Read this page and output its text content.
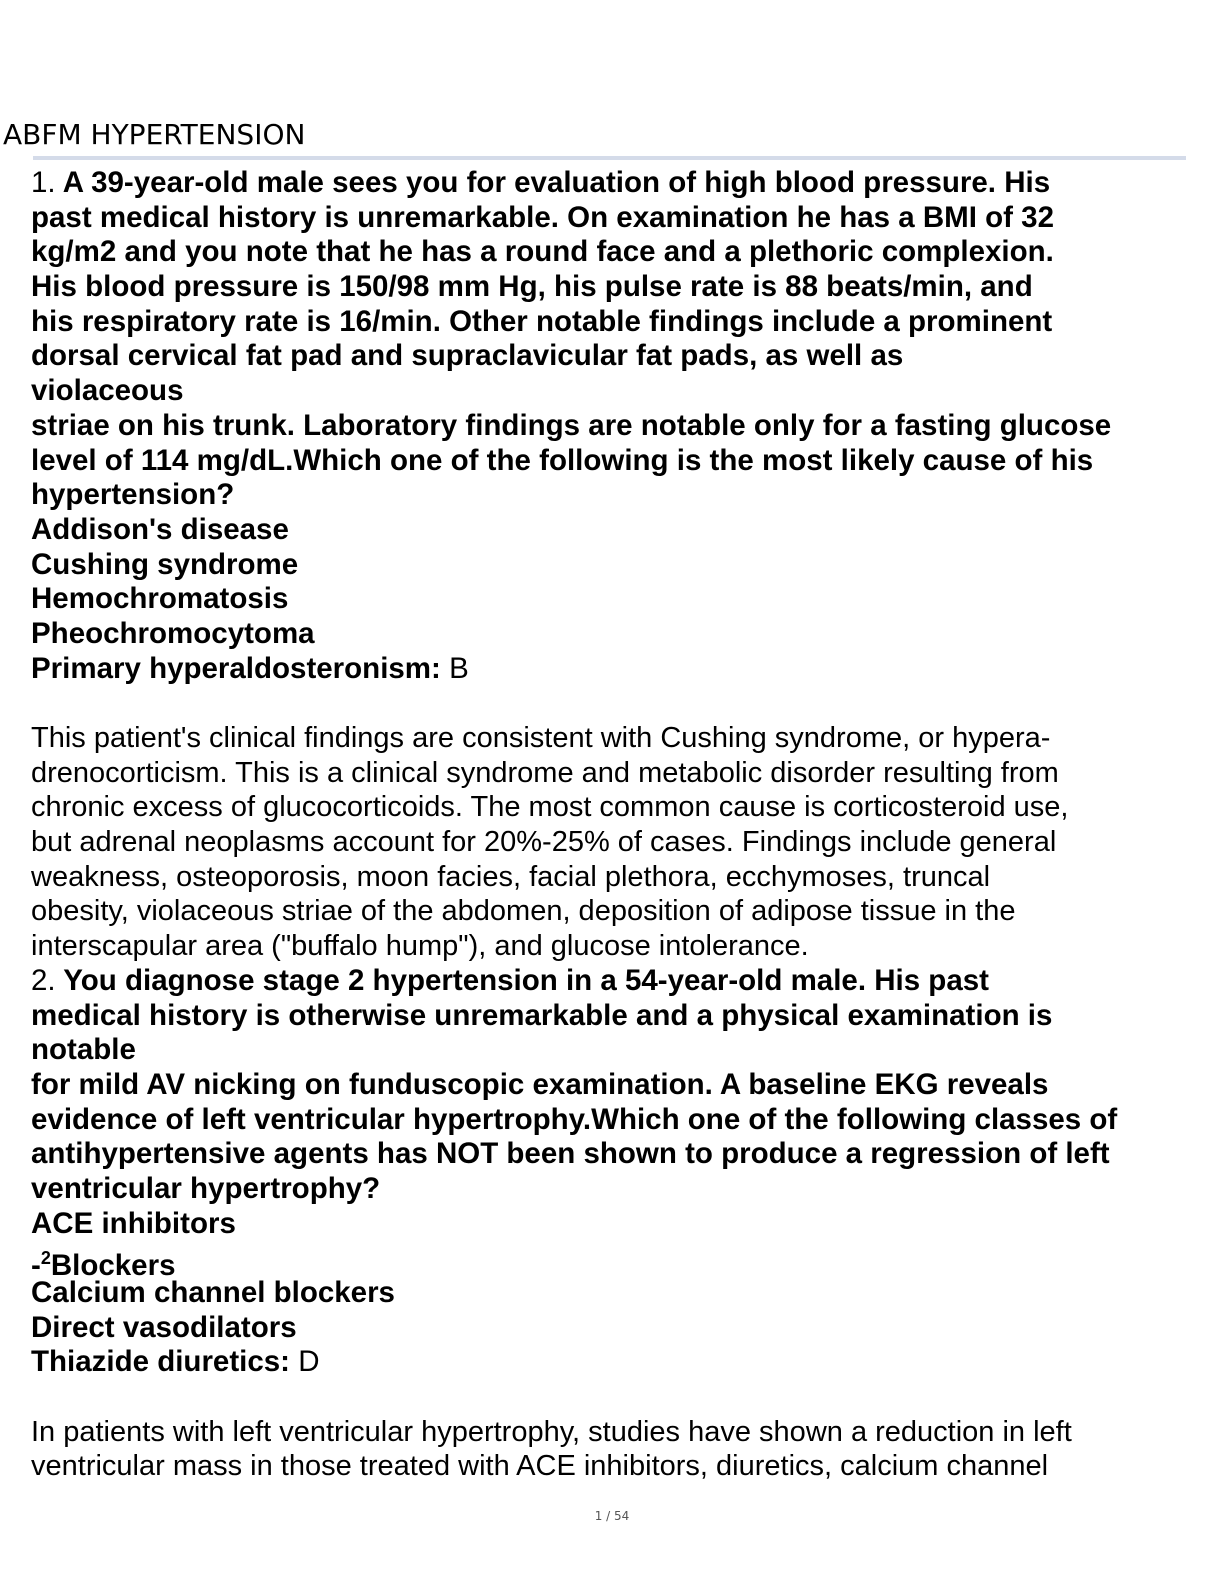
ABFM HYPERTENSION
1. A 39-year-old male sees you for evaluation of high blood pressure. His
past medical history is unremarkable. On examination he has a BMI of 32
kg/m2 and you note that he has a round face and a plethoric complexion.
His blood pressure is 150/98 mm Hg, his pulse rate is 88 beats/min, and
his respiratory rate is 16/min. Other notable findings include a prominent
dorsal cervical fat pad and supraclavicular fat pads, as well as
violaceous
striae on his trunk. Laboratory findings are notable only for a fasting glucose
level of 114 mg/dL.Which one of the following is the most likely cause of his
hypertension?
Addison's disease
Cushing syndrome
Hemochromatosis
Pheochromocytoma
Primary hyperaldosteronism: B
This patient's clinical findings are consistent with Cushing syndrome, or hypera-
drenocorticism. This is a clinical syndrome and metabolic disorder resulting from
chronic excess of glucocorticoids. The most common cause is corticosteroid use,
but adrenal neoplasms account for 20%-25% of cases. Findings include general
weakness, osteoporosis, moon facies, facial plethora, ecchymoses, truncal
obesity, violaceous striae of the abdomen, deposition of adipose tissue in the
interscapular area ("buffalo hump"), and glucose intolerance.
2. You diagnose stage 2 hypertension in a 54-year-old male. His past
medical history is otherwise unremarkable and a physical examination is
notable
for mild AV nicking on funduscopic examination. A baseline EKG reveals
evidence of left ventricular hypertrophy.Which one of the following classes of
antihypertensive agents has NOT been shown to produce a regression of left
ventricular hypertrophy?
ACE inhibitors
-$^2$Blockers
Calcium channel blockers
Direct vasodilators
Thiazide diuretics: D
In patients with left ventricular hypertrophy, studies have shown a reduction in left
ventricular mass in those treated with ACE inhibitors, diuretics, calcium channel
1 / 54
